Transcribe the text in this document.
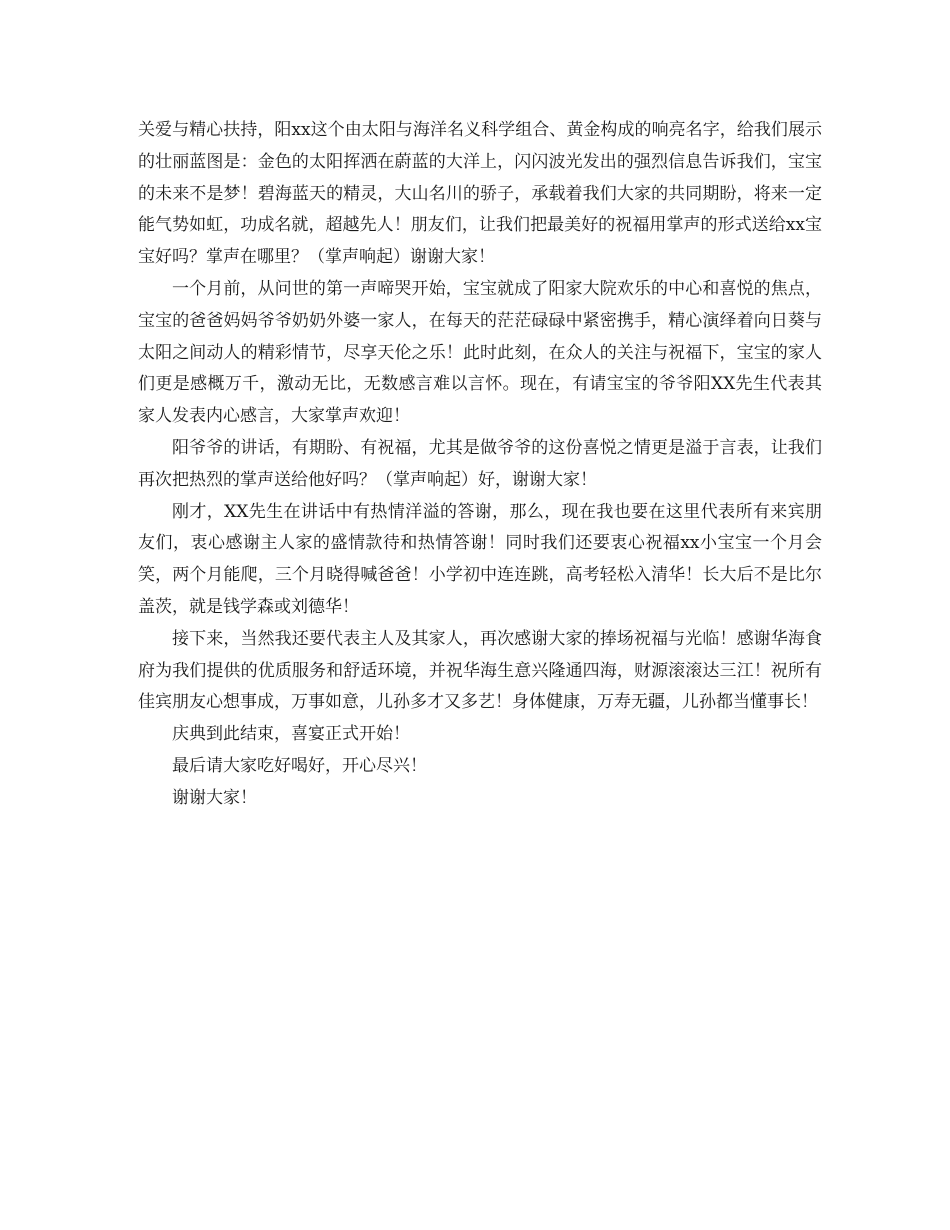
关爱与精心扶持，阳xx这个由太阳与海洋名义科学组合、黄金构成的响亮名字，给我们展示的壮丽蓝图是：金色的太阳挥洒在蔚蓝的大洋上，闪闪波光发出的强烈信息告诉我们，宝宝的未来不是梦！碧海蓝天的精灵，大山名川的骄子，承载着我们大家的共同期盼，将来一定能气势如虹，功成名就，超越先人！朋友们，让我们把最美好的祝福用掌声的形式送给xx宝宝好吗？掌声在哪里？（掌声响起）谢谢大家！

一个月前，从问世的第一声啼哭开始，宝宝就成了阳家大院欢乐的中心和喜悦的焦点，宝宝的爸爸妈妈爷爷奶奶外婆一家人，在每天的茫茫碌碌中紧密携手，精心演绎着向日葵与太阳之间动人的精彩情节，尽享天伦之乐！此时此刻，在众人的关注与祝福下，宝宝的家人们更是感概万千，激动无比，无数感言难以言怀。现在，有请宝宝的爷爷阳XX先生代表其家人发表内心感言，大家掌声欢迎！

阳爷爷的讲话，有期盼、有祝福，尤其是做爷爷的这份喜悦之情更是溢于言表，让我们再次把热烈的掌声送给他好吗？（掌声响起）好，谢谢大家！

刚才，XX先生在讲话中有热情洋溢的答谢，那么，现在我也要在这里代表所有来宾朋友们，衷心感谢主人家的盛情款待和热情答谢！同时我们还要衷心祝福xx小宝宝一个月会笑，两个月能爬，三个月晓得喊爸爸！小学初中连连跳，高考轻松入清华！长大后不是比尔盖茨，就是钱学森或刘德华！

接下来，当然我还要代表主人及其家人，再次感谢大家的捧场祝福与光临！感谢华海食府为我们提供的优质服务和舒适环境，并祝华海生意兴隆通四海，财源滚滚达三江！祝所有佳宾朋友心想事成，万事如意，儿孙多才又多艺！身体健康，万寿无疆，儿孙都当懂事长！

庆典到此结束，喜宴正式开始！

最后请大家吃好喝好，开心尽兴！

谢谢大家！
